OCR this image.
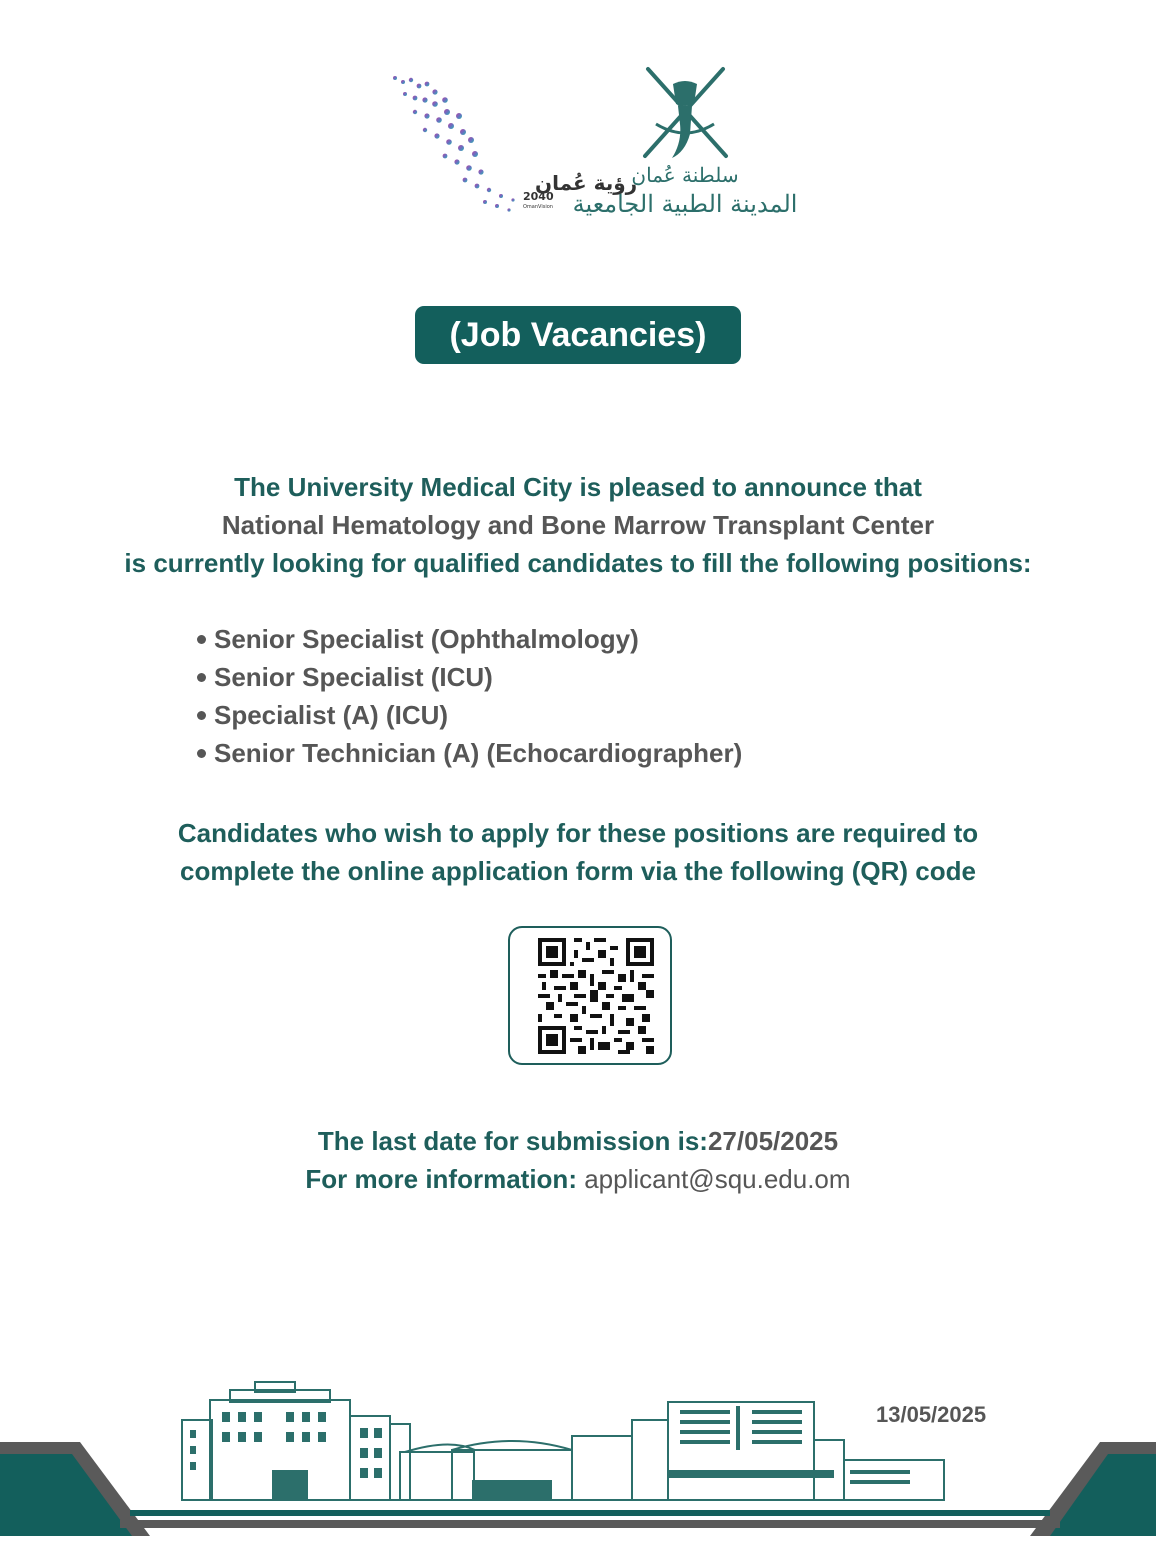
رؤية عُمان
2040
OmanVision
سلطنة عُمان
المدينة الطبية الجامعية
(Job Vacancies)
The University Medical City is pleased to announce that
National Hematology and Bone Marrow Transplant Center
is currently looking for qualified candidates to fill the following positions:
Senior Specialist (Ophthalmology)
Senior Specialist (ICU)
Specialist (A) (ICU)
Senior Technician (A) (Echocardiographer)
Candidates who wish to apply for these positions are required to
complete the online application form via the following (QR) code
The last date for submission is:27/05/2025
For more information: applicant@squ.edu.om
13/05/2025
